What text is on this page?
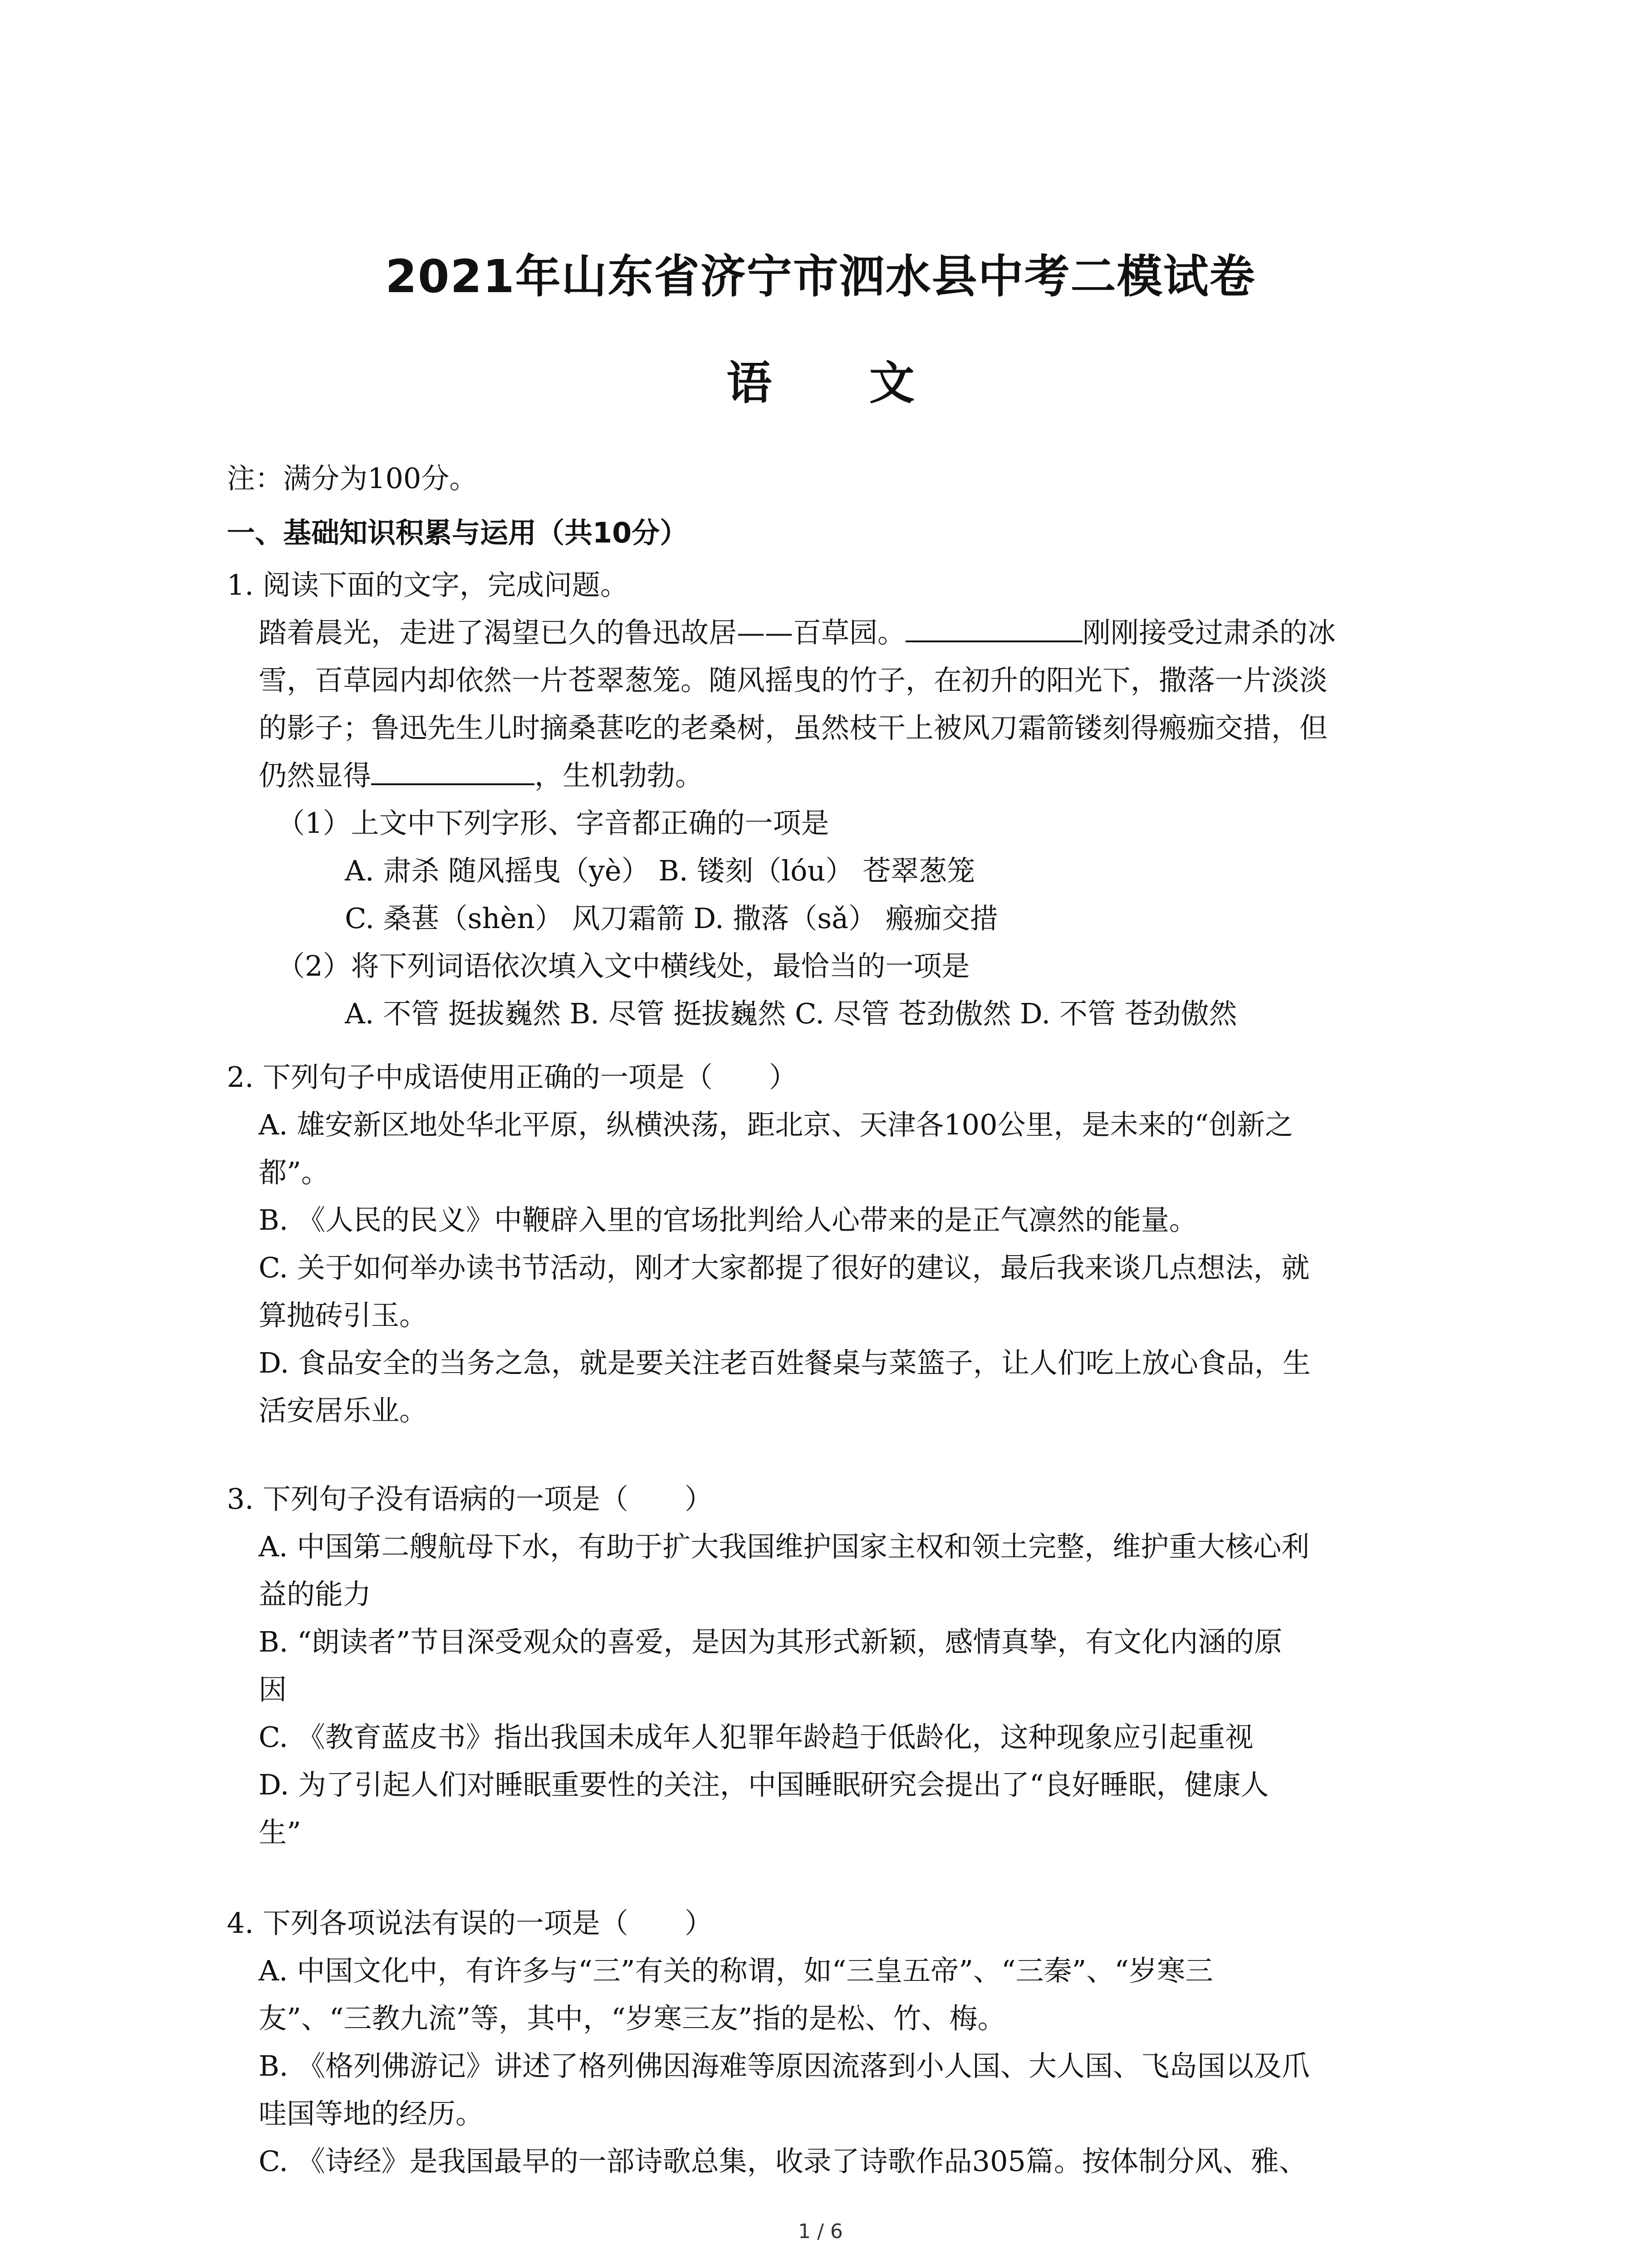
2021年山东省济宁市泗水县中考二模试卷
语 文
注：满分为100分。
一、基础知识积累与运用（共10分）
1. 阅读下面的文字，完成问题。
踏着晨光，走进了渴望已久的鲁迅故居——百草园。	刚刚接受过肃杀的冰
雪，百草园内却依然一片苍翠葱笼。随风摇曳的竹子，在初升的阳光下，撒落一片淡淡
的影子；鲁迅先生儿时摘桑葚吃的老桑树，虽然枝干上被风刀霜箭镂刻得瘢痂交措，但
仍然显得	，生机勃勃。
（1）上文中下列字形、字音都正确的一项是
A. 肃杀 随风摇曳（yè） B. 镂刻（lóu） 苍翠葱笼
C. 桑葚（shèn） 风刀霜箭 D. 撒落（sǎ） 瘢痂交措
（2）将下列词语依次填入文中横线处，最恰当的一项是
A. 不管 挺拔巍然 B. 尽管 挺拔巍然 C. 尽管 苍劲傲然 D. 不管 苍劲傲然
2. 下列句子中成语使用正确的一项是（　　）
A. 雄安新区地处华北平原，纵横泱荡，距北京、天津各100公里，是未来的“创新之
都”。
B. 《人民的民义》中鞭辟入里的官场批判给人心带来的是正气凛然的能量。
C. 关于如何举办读书节活动，刚才大家都提了很好的建议，最后我来谈几点想法，就
算抛砖引玉。
D. 食品安全的当务之急，就是要关注老百姓餐桌与菜篮子，让人们吃上放心食品，生
活安居乐业。
3. 下列句子没有语病的一项是（　　）
A. 中国第二艘航母下水，有助于扩大我国维护国家主权和领土完整，维护重大核心利
益的能力
B. “朗读者”节目深受观众的喜爱，是因为其形式新颖，感情真挚，有文化内涵的原
因
C. 《教育蓝皮书》指出我国未成年人犯罪年龄趋于低龄化，这种现象应引起重视
D. 为了引起人们对睡眠重要性的关注，中国睡眠研究会提出了“良好睡眠，健康人
生”
4. 下列各项说法有误的一项是（　　）
A. 中国文化中，有许多与“三”有关的称谓，如“三皇五帝”、“三秦”、“岁寒三
友”、“三教九流”等，其中，“岁寒三友”指的是松、竹、梅。
B. 《格列佛游记》讲述了格列佛因海难等原因流落到小人国、大人国、飞岛国以及爪
哇国等地的经历。
C. 《诗经》是我国最早的一部诗歌总集，收录了诗歌作品305篇。按体制分风、雅、
1 / 6
